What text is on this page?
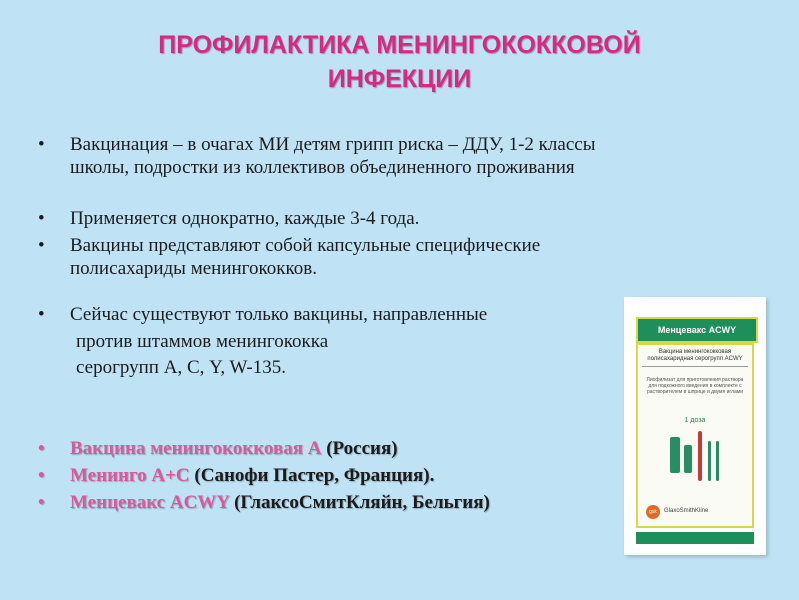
ПРОФИЛАКТИКА МЕНИНГОКОККОВОЙ
ИНФЕКЦИИ
• Вакцинация – в очагах МИ детям грипп риска – ДДУ, 1-2 классы
школы, подростки из коллективов объединенного проживания
• Применяется однократно, каждые 3-4 года.
• Вакцины представляют собой капсульные специфические
полисахариды менингококков.
• Сейчас существуют только вакцины, направленные
против штаммов менингококка
серогрупп А, С, Y, W-135.
• Вакцина менингококковая А (Россия)
• Менинго А+С (Санофи Пастер, Франция).
• Менцевакс ACWY (ГлаксоСмитКляйн, Бельгия)
Менцевакс ACWY
Вакцина менингококковая полисахаридная серогрупп ACWY
Лиофилизат для приготовления раствора для подкожного введения в комплекте с растворителем в шприце и двумя иглами
1 доза
gsk	GlaxoSmithKline
